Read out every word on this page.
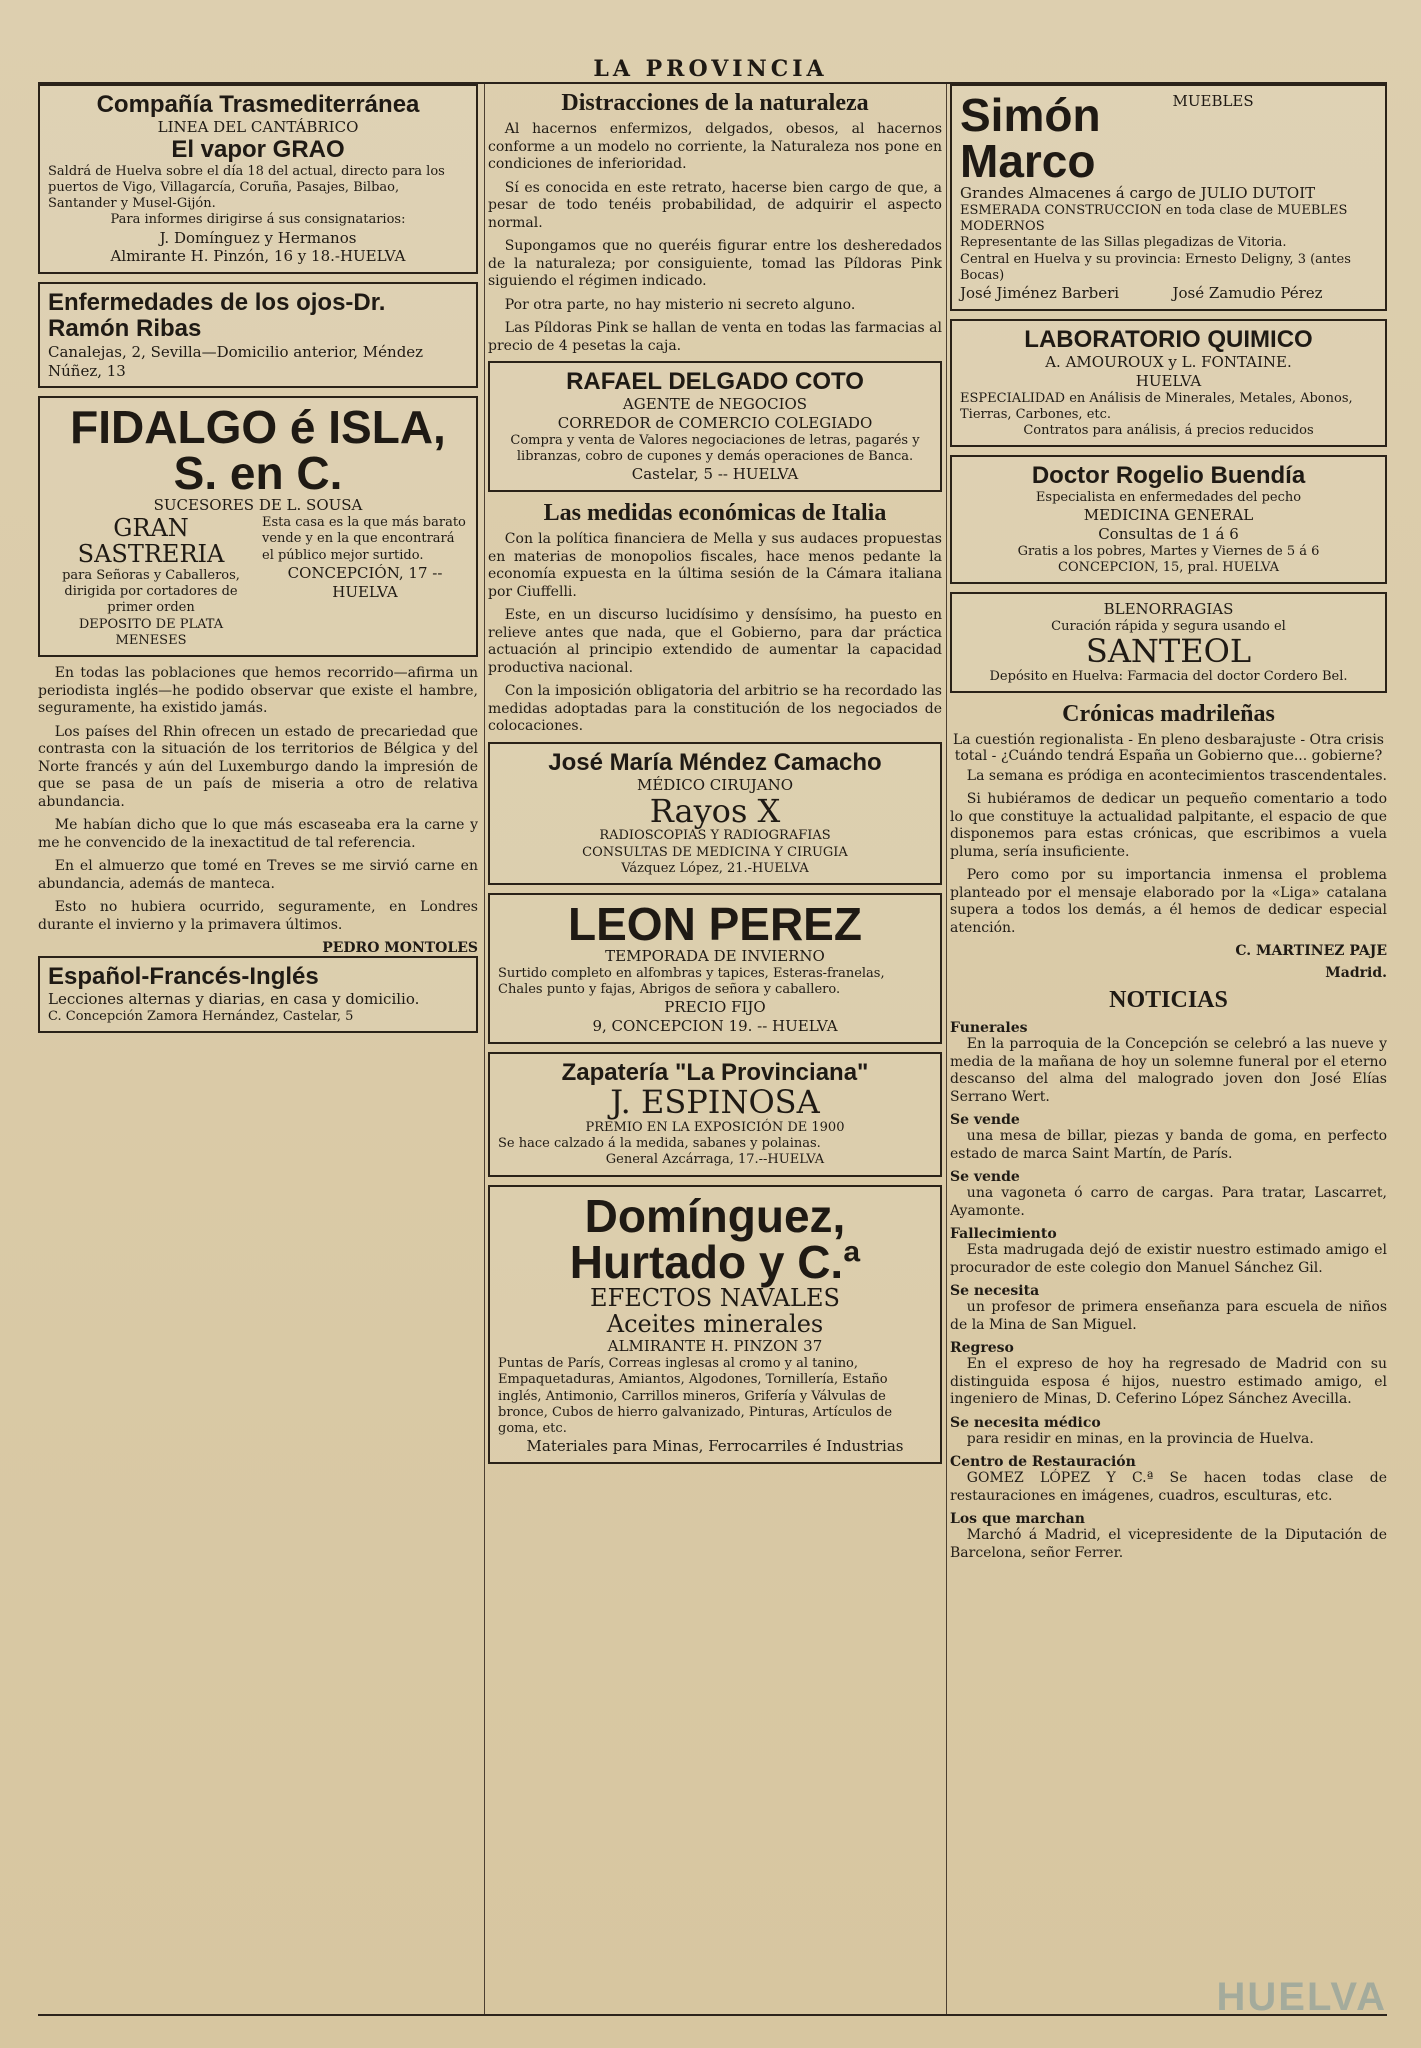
LA PROVINCIA
Compañía Trasmediterránea
LINEA DEL CANTÁBRICO
El vapor GRAO
Saldrá de Huelva sobre el día 18 del actual, directo para los puertos de Vigo, Villagarcía, Coruña, Pasajes, Bilbao, Santander y Musel-Gijón.
Para informes dirigirse á sus consignatarios:
J. Domínguez y Hermanos
Almirante H. Pinzón, 16 y 18.-HUELVA
Enfermedades de los ojos-Dr. Ramón Ribas
Canalejas, 2, Sevilla—Domicilio anterior, Méndez Núñez, 13
FIDALGO é ISLA, S. en C.
SUCESORES DE L. SOUSA
GRAN SASTRERIA
para Señoras y Caballeros, dirigida por cortadores de primer orden
DEPOSITO DE PLATA MENESES
Esta casa es la que más barato vende y en la que encontrará el público mejor surtido.
CONCEPCIÓN, 17 -- HUELVA

En todas las poblaciones que hemos recorrido—afirma un periodista inglés—he podido observar que existe el hambre, seguramente, ha existido jamás.

Los países del Rhin ofrecen un estado de precariedad que contrasta con la situación de los territorios de Bélgica y del Norte francés y aún del Luxemburgo dando la impresión de que se pasa de un país de miseria a otro de relativa abundancia.

Me habían dicho que lo que más escaseaba era la carne y me he convencido de la inexactitud de tal referencia.

En el almuerzo que tomé en Treves se me sirvió carne en abundancia, además de manteca.

Esto no hubiera ocurrido, seguramente, en Londres durante el invierno y la primavera últimos.

PEDRO MONTOLES
Español-Francés-Inglés
Lecciones alternas y diarias, en casa y domicilio.
C. Concepción Zamora Hernández, Castelar, 5
Distracciones de la naturaleza

Al hacernos enfermizos, delgados, obesos, al hacernos conforme a un modelo no corriente, la Naturaleza nos pone en condiciones de inferioridad.

Sí es conocida en este retrato, hacerse bien cargo de que, a pesar de todo tenéis probabilidad, de adquirir el aspecto normal.

Supongamos que no queréis figurar entre los desheredados de la naturaleza; por consiguiente, tomad las Píldoras Pink siguiendo el régimen indicado.

Por otra parte, no hay misterio ni secreto alguno.

Las Píldoras Pink se hallan de venta en todas las farmacias al precio de 4 pesetas la caja.

RAFAEL DELGADO COTO
AGENTE de NEGOCIOS
CORREDOR de COMERCIO COLEGIADO
Compra y venta de Valores negociaciones de letras, pagarés y libranzas, cobro de cupones y demás operaciones de Banca.
Castelar, 5 -- HUELVA
Las medidas económicas de Italia

Con la política financiera de Mella y sus audaces propuestas en materias de monopolios fiscales, hace menos pedante la economía expuesta en la última sesión de la Cámara italiana por Ciuffelli.

Este, en un discurso lucidísimo y densísimo, ha puesto en relieve antes que nada, que el Gobierno, para dar práctica actuación al principio extendido de aumentar la capacidad productiva nacional.

Con la imposición obligatoria del arbitrio se ha recordado las medidas adoptadas para la constitución de los negociados de colocaciones.

José María Méndez Camacho
MÉDICO CIRUJANO
Rayos X
RADIOSCOPIAS Y RADIOGRAFIAS
CONSULTAS DE MEDICINA Y CIRUGIA
Vázquez López, 21.-HUELVA
LEON PEREZ
TEMPORADA DE INVIERNO
Surtido completo en alfombras y tapices, Esteras-franelas, Chales punto y fajas, Abrigos de señora y caballero.
PRECIO FIJO
9, CONCEPCION 19. -- HUELVA
Zapatería "La Provinciana"
J. ESPINOSA
PREMIO EN LA EXPOSICIÓN DE 1900
Se hace calzado á la medida, sabanes y polainas.
General Azcárraga, 17.--HUELVA
Domínguez, Hurtado y C.ª
EFECTOS NAVALES
Aceites minerales
ALMIRANTE H. PINZON 37
Puntas de París, Correas inglesas al cromo y al tanino, Empaquetaduras, Amiantos, Algodones, Tornillería, Estaño inglés, Antimonio, Carrillos mineros, Grifería y Válvulas de bronce, Cubos de hierro galvanizado, Pinturas, Artículos de goma, etc.
Materiales para Minas, Ferrocarriles é Industrias
Simón Marco
MUEBLES
Grandes Almacenes á cargo de JULIO DUTOIT
ESMERADA CONSTRUCCION en toda clase de MUEBLES MODERNOS
Representante de las Sillas plegadizas de Vitoria.
Central en Huelva y su provincia: Ernesto Deligny, 3 (antes Bocas)
José Jiménez Barberi	José Zamudio Pérez
LABORATORIO QUIMICO
A. AMOUROUX y L. FONTAINE.
HUELVA
ESPECIALIDAD en Análisis de Minerales, Metales, Abonos, Tierras, Carbones, etc.
Contratos para análisis, á precios reducidos
Doctor Rogelio Buendía
Especialista en enfermedades del pecho
MEDICINA GENERAL
Consultas de 1 á 6
Gratis a los pobres, Martes y Viernes de 5 á 6
CONCEPCION, 15, pral. HUELVA
BLENORRAGIAS
Curación rápida y segura usando el
SANTEOL
Depósito en Huelva: Farmacia del doctor Cordero Bel.
Crónicas madrileñas
La cuestión regionalista - En pleno desbarajuste - Otra crisis total - ¿Cuándo tendrá España un Gobierno que... gobierne?

La semana es pródiga en acontecimientos trascendentales.

Si hubiéramos de dedicar un pequeño comentario a todo lo que constituye la actualidad palpitante, el espacio de que disponemos para estas crónicas, que escribimos a vuela pluma, sería insuficiente.

Pero como por su importancia inmensa el problema planteado por el mensaje elaborado por la «Liga» catalana supera a todos los demás, a él hemos de dedicar especial atención.

C. MARTINEZ PAJE
Madrid.
NOTICIAS
Funerales

En la parroquia de la Concepción se celebró a las nueve y media de la mañana de hoy un solemne funeral por el eterno descanso del alma del malogrado joven don José Elías Serrano Wert.

Se vende

una mesa de billar, piezas y banda de goma, en perfecto estado de marca Saint Martín, de París.

Se vende

una vagoneta ó carro de cargas. Para tratar, Lascarret, Ayamonte.

Fallecimiento

Esta madrugada dejó de existir nuestro estimado amigo el procurador de este colegio don Manuel Sánchez Gil.

Se necesita

un profesor de primera enseñanza para escuela de niños de la Mina de San Miguel.

Regreso

En el expreso de hoy ha regresado de Madrid con su distinguida esposa é hijos, nuestro estimado amigo, el ingeniero de Minas, D. Ceferino López Sánchez Avecilla.

Se necesita médico

para residir en minas, en la provincia de Huelva.

Centro de Restauración

GOMEZ LÓPEZ Y C.ª Se hacen todas clase de restauraciones en imágenes, cuadros, esculturas, etc.

Los que marchan

Marchó á Madrid, el vicepresidente de la Diputación de Barcelona, señor Ferrer.

HUELVA
